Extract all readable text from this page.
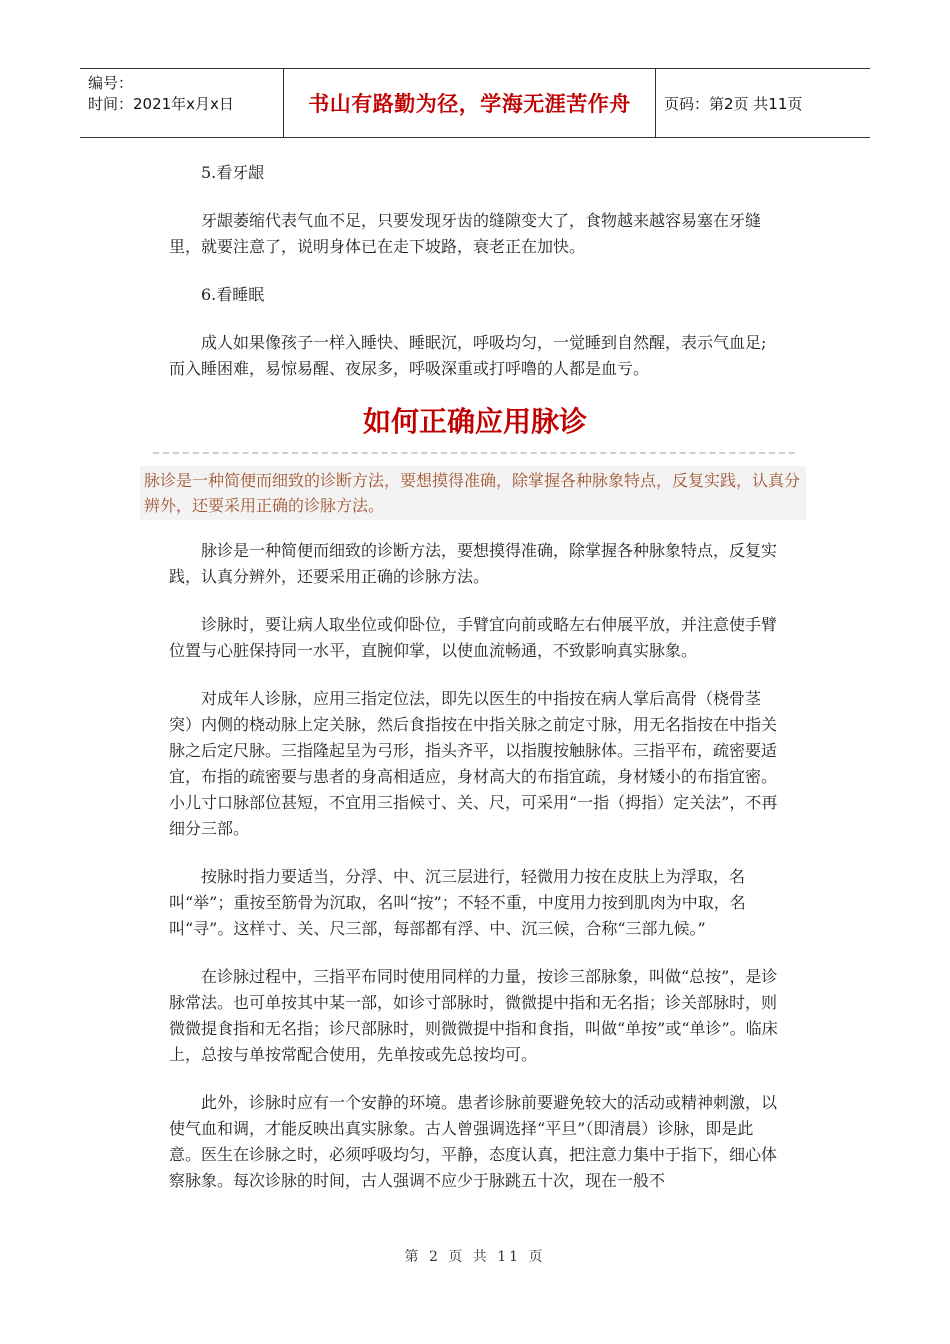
编号：
时间：2021年x月x日	书山有路勤为径，学海无涯苦作舟	页码：第2页 共11页

5.看牙龈

牙龈萎缩代表气血不足，只要发现牙齿的缝隙变大了，食物越来越容易塞在牙缝里，就要注意了，说明身体已在走下坡路，衰老正在加快。

6.看睡眠

成人如果像孩子一样入睡快、睡眠沉，呼吸均匀，一觉睡到自然醒，表示气血足;而入睡困难，易惊易醒、夜尿多，呼吸深重或打呼噜的人都是血亏。

如何正确应用脉诊
脉诊是一种简便而细致的诊断方法，要想摸得准确，除掌握各种脉象特点，反复实践，认真分辨外，还要采用正确的诊脉方法。

脉诊是一种简便而细致的诊断方法，要想摸得准确，除掌握各种脉象特点，反复实践，认真分辨外，还要采用正确的诊脉方法。

诊脉时，要让病人取坐位或仰卧位，手臂宜向前或略左右伸展平放，并注意使手臂位置与心脏保持同一水平，直腕仰掌，以使血流畅通，不致影响真实脉象。

对成年人诊脉，应用三指定位法，即先以医生的中指按在病人掌后高骨（桡骨茎突）内侧的桡动脉上定关脉，然后食指按在中指关脉之前定寸脉，用无名指按在中指关脉之后定尺脉。三指隆起呈为弓形，指头齐平，以指腹按触脉体。三指平布，疏密要适宜，布指的疏密要与患者的身高相适应，身材高大的布指宜疏，身材矮小的布指宜密。小儿寸口脉部位甚短，不宜用三指候寸、关、尺，可采用“一指（拇指）定关法”，不再细分三部。

按脉时指力要适当，分浮、中、沉三层进行，轻微用力按在皮肤上为浮取，名叫“举”；重按至筋骨为沉取，名叫“按”；不轻不重，中度用力按到肌肉为中取，名叫“寻”。这样寸、关、尺三部，每部都有浮、中、沉三候，合称“三部九候。”

在诊脉过程中，三指平布同时使用同样的力量，按诊三部脉象，叫做“总按”，是诊脉常法。也可单按其中某一部，如诊寸部脉时，微微提中指和无名指；诊关部脉时，则微微提食指和无名指；诊尺部脉时，则微微提中指和食指，叫做“单按”或“单诊”。临床上，总按与单按常配合使用，先单按或先总按均可。

此外，诊脉时应有一个安静的环境。患者诊脉前要避免较大的活动或精神刺激，以使气血和调，才能反映出真实脉象。古人曾强调选择“平旦”（即清晨）诊脉，即是此意。医生在诊脉之时，必须呼吸均匀，平静，态度认真，把注意力集中于指下，细心体察脉象。每次诊脉的时间，古人强调不应少于脉跳五十次，现在一般不

第 2 页 共 11 页
